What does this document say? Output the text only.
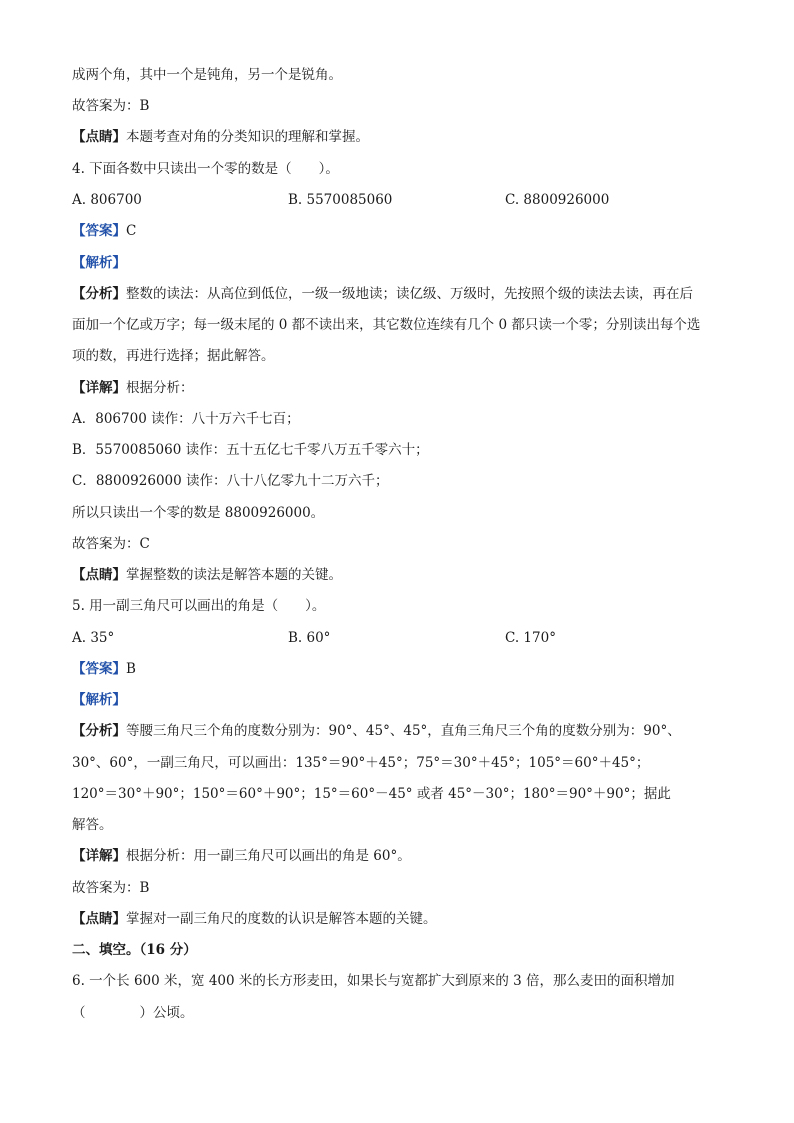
成两个角，其中一个是钝角，另一个是锐角。
故答案为：B
【点睛】本题考查对角的分类知识的理解和掌握。
4. 下面各数中只读出一个零的数是（　　）。
A. 806700	B. 5570085060	C. 8800926000
【答案】C
【解析】
【分析】整数的读法：从高位到低位，一级一级地读；读亿级、万级时，先按照个级的读法去读，再在后
面加一个亿或万字；每一级末尾的 0 都不读出来，其它数位连续有几个 0 都只读一个零；分别读出每个选
项的数，再进行选择；据此解答。
【详解】根据分析：
A．806700 读作：八十万六千七百；
B．5570085060 读作：五十五亿七千零八万五千零六十；
C．8800926000 读作：八十八亿零九十二万六千；
所以只读出一个零的数是 8800926000。
故答案为：C
【点睛】掌握整数的读法是解答本题的关键。
5. 用一副三角尺可以画出的角是（　　）。
A. 35°	B. 60°	C. 170°
【答案】B
【解析】
【分析】等腰三角尺三个角的度数分别为：90°、45°、45°，直角三角尺三个角的度数分别为：90°、
30°、60°，一副三角尺，可以画出：135°＝90°＋45°；75°＝30°＋45°；105°＝60°＋45°；
120°＝30°＋90°；150°＝60°＋90°；15°＝60°－45° 或者 45°－30°；180°＝90°＋90°；据此
解答。
【详解】根据分析：用一副三角尺可以画出的角是 60°。
故答案为：B
【点睛】掌握对一副三角尺的度数的认识是解答本题的关键。
二、填空。（16 分）
6. 一个长 600 米，宽 400 米的长方形麦田，如果长与宽都扩大到原来的 3 倍，那么麦田的面积增加
（　　　　）公顷。
